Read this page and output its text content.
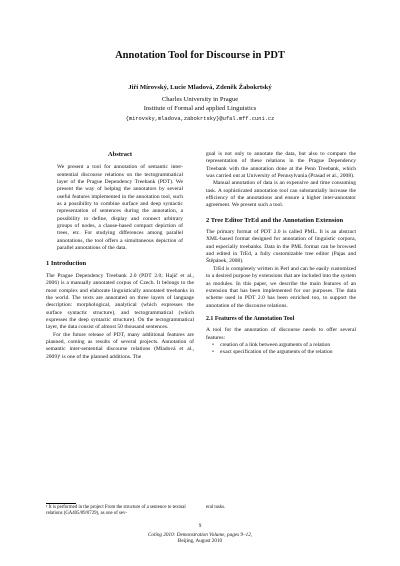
Annotation Tool for Discourse in PDT
Jiří Mírovský, Lucie Mladová, Zdeněk Žabokrtský
Charles University in Prague
Institute of Formal and applied Linguistics
{mirovsky,mladova,zabokrtsky}@ufal.mff.cuni.cz
Abstract

We present a tool for annotation of semantic inter-sentential discourse relations on the tectogrammatical layer of the Prague Dependency Treebank (PDT). We present the way of helping the annotators by several useful features implemented in the annotation tool, such as a possibility to combine surface and deep syntactic representation of sentences during the annotation, a possibility to define, display and connect arbitrary groups of nodes, a clause-based compact depiction of trees, etc. For studying differences among parallel annotations, the tool offers a simultaneous depiction of parallel annotations of the data.

1 Introduction

The Prague Dependency Treebank 2.0 (PDT 2.0; Hajič et al., 2006) is a manually annotated corpus of Czech. It belongs to the most complex and elaborate linguistically annotated treebanks in the world. The texts are annotated on three layers of language description: morphological, analytical (which expresses the surface syntactic structure), and tectogrammatical (which expresses the deep syntactic structure). On the tectogrammatical layer, the data consist of almost 50 thousand sentences.

For the future release of PDT, many additional features are planned, coming as results of several projects. Annotation of semantic inter-sentential discourse relations (Mladová et al., 2009)¹ is one of the planned additions. The

¹ It is performed in the project From the structure of a sentence to textual relations (GA405/09/0729), as one of sev-

goal is not only to annotate the data, but also to compare the representation of these relations in the Prague Dependency Treebank with the annotation done at the Penn Treebank, which was carried out at University of Pennsylvania (Prasad et al., 2008).

Manual annotation of data is an expensive and time consuming task. A sophisticated annotation tool can substantially increase the efficiency of the annotations and ensure a higher inter-annotator agreement. We present such a tool.

2 Tree Editor TrEd and the Annotation Extension

The primary format of PDT 2.0 is called PML. It is an abstract XML-based format designed for annotation of linguistic corpora, and especially treebanks. Data in the PML format can be browsed and edited in TrEd, a fully customizable tree editor (Pajas and Štěpánek, 2008).

TrEd is completely written in Perl and can be easily customized to a desired purpose by extensions that are included into the system as modules. In this paper, we describe the main features of an extension that has been implemented for our purposes. The data scheme used in PDT 2.0 has been enriched too, to support the annotation of the discourse relations.

2.1 Features of the Annotation Tool

A tool for the annotation of discourse needs to offer several features:

• creation of a link between arguments of a relation
• exact specification of the arguments of the relation
eral tasks.
9
Coling 2010: Demonstration Volume, pages 9–12,
Beijing, August 2010
